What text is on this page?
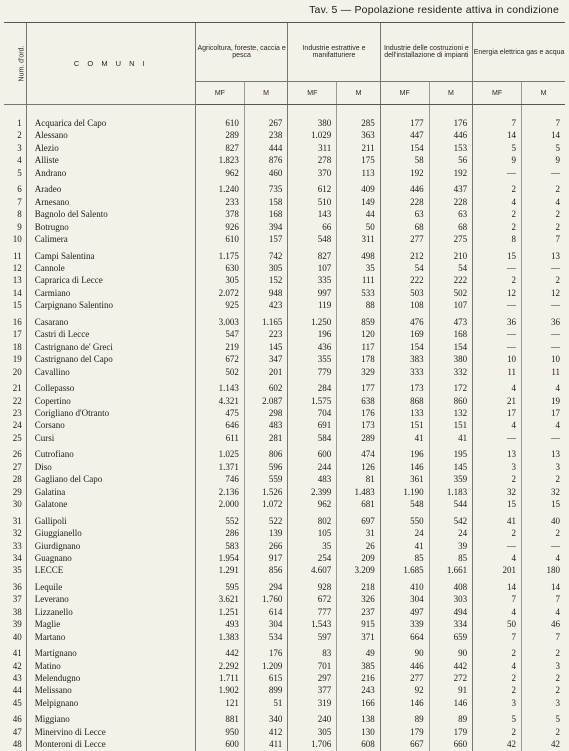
Tav. 5 — Popolazione residente attiva in condizione
Num. d'ord.	C O M U N I	Agricoltura, foreste, caccia e pesca		Industrie estrattive e manifatturiere		Industrie delle costruzioni e dell'installazione di impianti		Energia elettrica gas e acqua	
		MF	M	MF	M	MF	M	MF	M
1	Acquarica del Capo	610	267	380	285	177	176	7	7
2	Alessano	289	238	1.029	363	447	446	14	14
3	Alezio	827	444	311	211	154	153	5	5
4	Alliste	1.823	876	278	175	58	56	9	9
5	Andrano	962	460	370	113	192	192	—	—
6	Aradeo	1.240	735	612	409	446	437	2	2
7	Arnesano	233	158	510	149	228	228	4	4
8	Bagnolo del Salento	378	168	143	44	63	63	2	2
9	Botrugno	926	394	66	50	68	68	2	2
10	Calimera	610	157	548	311	277	275	8	7
11	Campi Salentina	1.175	742	827	498	212	210	15	13
12	Cannole	630	305	107	35	54	54	—	—
13	Caprarica di Lecce	305	152	335	111	222	222	2	2
14	Carmiano	2.072	948	997	533	503	502	12	12
15	Carpignano Salentino	925	423	119	88	108	107	—	—
16	Casarano	3.003	1.165	1.250	859	476	473	36	36
17	Castri di Lecce	547	223	196	120	169	168	—	—
18	Castrignano de' Greci	219	145	436	117	154	154	—	—
19	Castrignano del Capo	672	347	355	178	383	380	10	10
20	Cavallino	502	201	779	329	333	332	11	11
21	Collepasso	1.143	602	284	177	173	172	4	4
22	Copertino	4.321	2.087	1.575	638	868	860	21	19
23	Corigliano d'Otranto	475	298	704	176	133	132	17	17
24	Corsano	646	483	691	173	151	151	4	4
25	Cursi	611	281	584	289	41	41	—	—
26	Cutrofiano	1.025	806	600	474	196	195	13	13
27	Diso	1.371	596	244	126	146	145	3	3
28	Gagliano del Capo	746	559	483	81	361	359	2	2
29	Galatina	2.136	1.526	2.399	1.483	1.190	1.183	32	32
30	Galatone	2.000	1.072	962	681	548	544	15	15
31	Gallipoli	552	522	802	697	550	542	41	40
32	Giuggianello	286	139	105	31	24	24	2	2
33	Giurdignano	583	266	35	26	41	39	—	—
34	Guagnano	1.954	917	254	209	85	85	4	4
35	LECCE	1.291	856	4.607	3.209	1.685	1.661	201	180
36	Lequile	595	294	928	218	410	408	14	14
37	Leverano	3.621	1.760	672	326	304	303	7	7
38	Lizzanello	1.251	614	777	237	497	494	4	4
39	Maglie	493	304	1.543	915	339	334	50	46
40	Martano	1.383	534	597	371	664	659	7	7
41	Martignano	442	176	83	49	90	90	2	2
42	Matino	2.292	1.209	701	385	446	442	4	3
43	Melendugno	1.711	615	297	216	277	272	2	2
44	Melissano	1.902	899	377	243	92	91	2	2
45	Melpignano	121	51	319	166	146	146	3	3
46	Miggiano	881	340	240	138	89	89	5	5
47	Minervino di Lecce	950	412	305	130	179	179	2	2
48	Monteroni di Lecce	600	411	1.706	608	667	660	42	42
